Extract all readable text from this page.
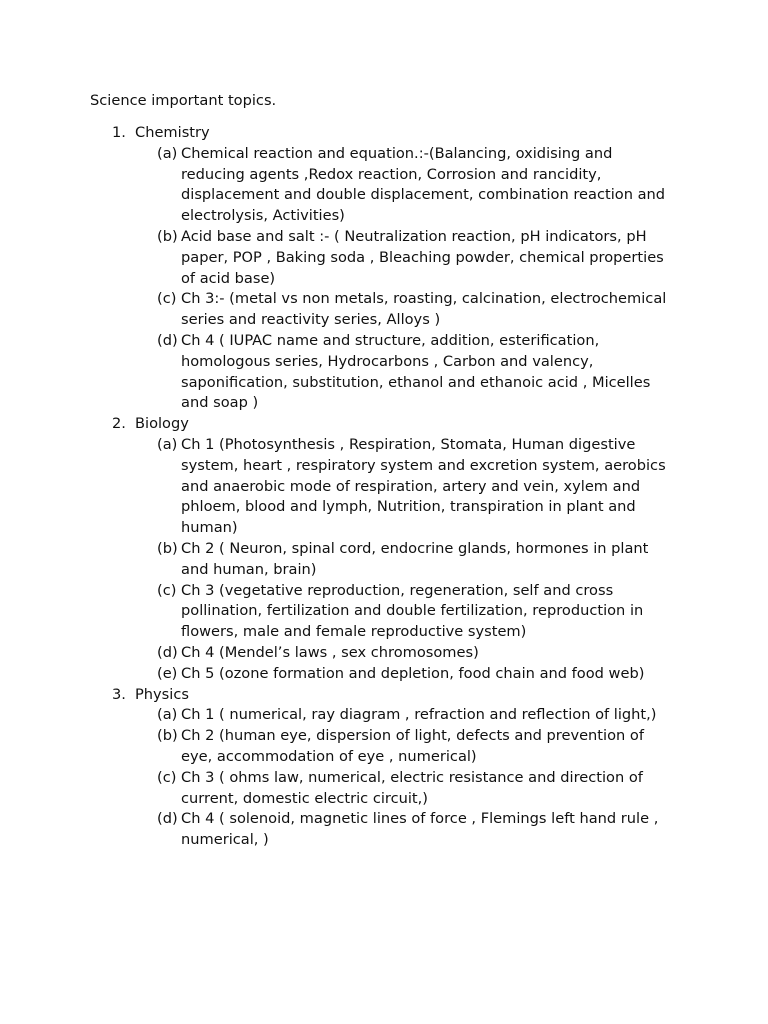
Science important topics.

1. Chemistry
(a) Chemical reaction and equation.:-(Balancing, oxidising and reducing agents ,Redox reaction, Corrosion and rancidity, displacement and double displacement, combination reaction and electrolysis, Activities)
(b) Acid base and salt :- ( Neutralization reaction, pH indicators, pH paper, POP , Baking soda , Bleaching powder, chemical properties of acid base)
(c) Ch 3:- (metal vs non metals, roasting, calcination, electrochemical series and reactivity series, Alloys )
(d) Ch 4 ( IUPAC name and structure, addition, esterification, homologous series, Hydrocarbons , Carbon and valency, saponification, substitution, ethanol and ethanoic acid , Micelles and soap )
2. Biology
(a) Ch 1 (Photosynthesis , Respiration, Stomata, Human digestive system, heart , respiratory system and excretion system, aerobics and anaerobic mode of respiration, artery and vein, xylem and phloem, blood and lymph, Nutrition, transpiration in plant and human)
(b) Ch 2 ( Neuron, spinal cord, endocrine glands, hormones in plant and human, brain)
(c) Ch 3 (vegetative reproduction, regeneration, self and cross pollination, fertilization and double fertilization, reproduction in flowers, male and female reproductive system)
(d) Ch 4 (Mendel’s laws , sex chromosomes)
(e) Ch 5 (ozone formation and depletion, food chain and food web)
3. Physics
(a) Ch 1 ( numerical, ray diagram , refraction and reflection of light,)
(b) Ch 2 (human eye, dispersion of light, defects and prevention of eye, accommodation of eye , numerical)
(c) Ch 3 ( ohms law, numerical, electric resistance and direction of current, domestic electric circuit,)
(d) Ch 4 ( solenoid, magnetic lines of force , Flemings left hand rule , numerical, )
